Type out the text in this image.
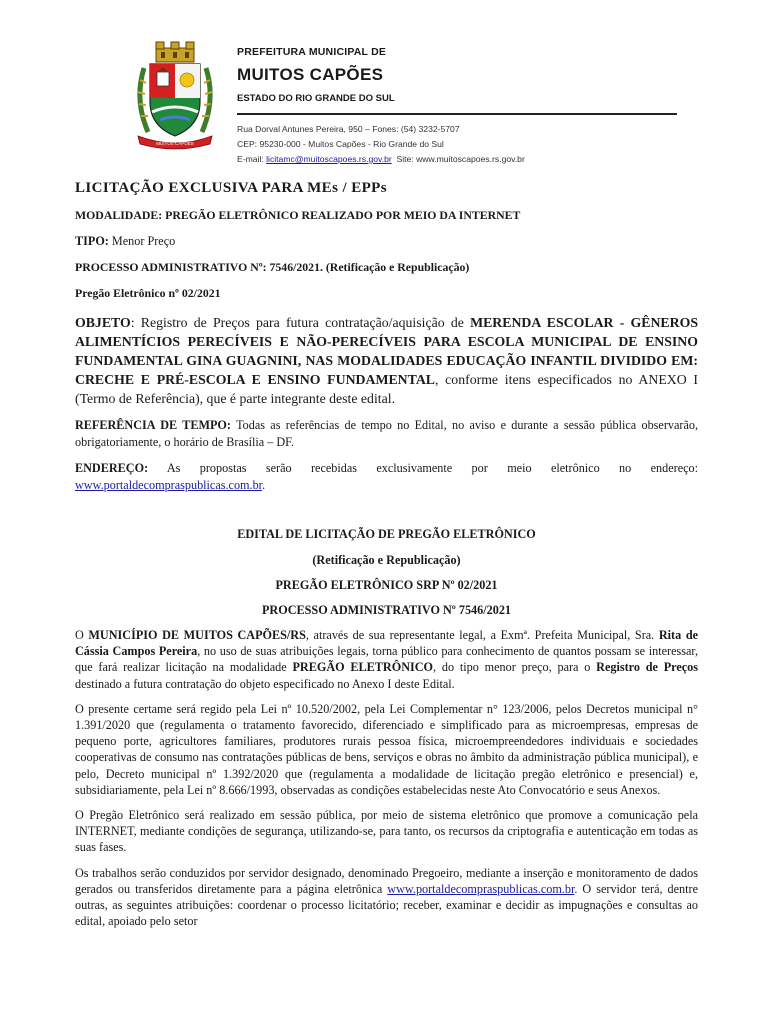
MUITOS CAPÕES
PREFEITURA MUNICIPAL DE
MUITOS CAPÕES
ESTADO DO RIO GRANDE DO SUL
Rua Dorval Antunes Pereira, 950 – Fones: (54) 3232-5707
CEP: 95230-000 - Muitos Capões - Rio Grande do Sul
E-mail: licitamc@muitoscapoes.rs.gov.br Site: www.muitoscapoes.rs.gov.br

LICITAÇÃO EXCLUSIVA PARA MEs / EPPs

MODALIDADE: PREGÃO ELETRÔNICO REALIZADO POR MEIO DA INTERNET

TIPO: Menor Preço

PROCESSO ADMINISTRATIVO Nº: 7546/2021. (Retificação e Republicação)

Pregão Eletrônico nº 02/2021

OBJETO: Registro de Preços para futura contratação/aquisição de MERENDA ESCOLAR - GÊNEROS ALIMENTÍCIOS PERECÍVEIS E NÃO-PERECÍVEIS PARA ESCOLA MUNICIPAL DE ENSINO FUNDAMENTAL GINA GUAGNINI, NAS MODALIDADES EDUCAÇÃO INFANTIL DIVIDIDO EM: CRECHE E PRÉ-ESCOLA E ENSINO FUNDAMENTAL, conforme itens especificados no ANEXO I (Termo de Referência), que é parte integrante deste edital.

REFERÊNCIA DE TEMPO: Todas as referências de tempo no Edital, no aviso e durante a sessão pública observarão, obrigatoriamente, o horário de Brasília – DF.

ENDEREÇO: As propostas serão recebidas exclusivamente por meio eletrônico no endereço: www.portaldecompraspublicas.com.br.

EDITAL DE LICITAÇÃO DE PREGÃO ELETRÔNICO

(Retificação e Republicação)

PREGÃO ELETRÔNICO SRP Nº 02/2021

PROCESSO ADMINISTRATIVO Nº 7546/2021

O MUNICÍPIO DE MUITOS CAPÕES/RS, através de sua representante legal, a Exmª. Prefeita Municipal, Sra. Rita de Cássia Campos Pereira, no uso de suas atribuições legais, torna público para conhecimento de quantos possam se interessar, que fará realizar licitação na modalidade PREGÃO ELETRÔNICO, do tipo menor preço, para o Registro de Preços destinado a futura contratação do objeto especificado no Anexo I deste Edital.

O presente certame será regido pela Lei nº 10.520/2002, pela Lei Complementar n° 123/2006, pelos Decretos municipal n° 1.391/2020 que (regulamenta o tratamento favorecido, diferenciado e simplificado para as microempresas, empresas de pequeno porte, agricultores familiares, produtores rurais pessoa física, microempreendedores individuais e sociedades cooperativas de consumo nas contratações públicas de bens, serviços e obras no âmbito da administração pública municipal), e pelo, Decreto municipal nº 1.392/2020 que (regulamenta a modalidade de licitação pregão eletrônico e presencial) e, subsidiariamente, pela Lei nº 8.666/1993, observadas as condições estabelecidas neste Ato Convocatório e seus Anexos.

O Pregão Eletrônico será realizado em sessão pública, por meio de sistema eletrônico que promove a comunicação pela INTERNET, mediante condições de segurança, utilizando-se, para tanto, os recursos da criptografia e autenticação em todas as suas fases.

Os trabalhos serão conduzidos por servidor designado, denominado Pregoeiro, mediante a inserção e monitoramento de dados gerados ou transferidos diretamente para a página eletrônica www.portaldecompraspublicas.com.br. O servidor terá, dentre outras, as seguintes atribuições: coordenar o processo licitatório; receber, examinar e decidir as impugnações e consultas ao edital, apoiado pelo setor
